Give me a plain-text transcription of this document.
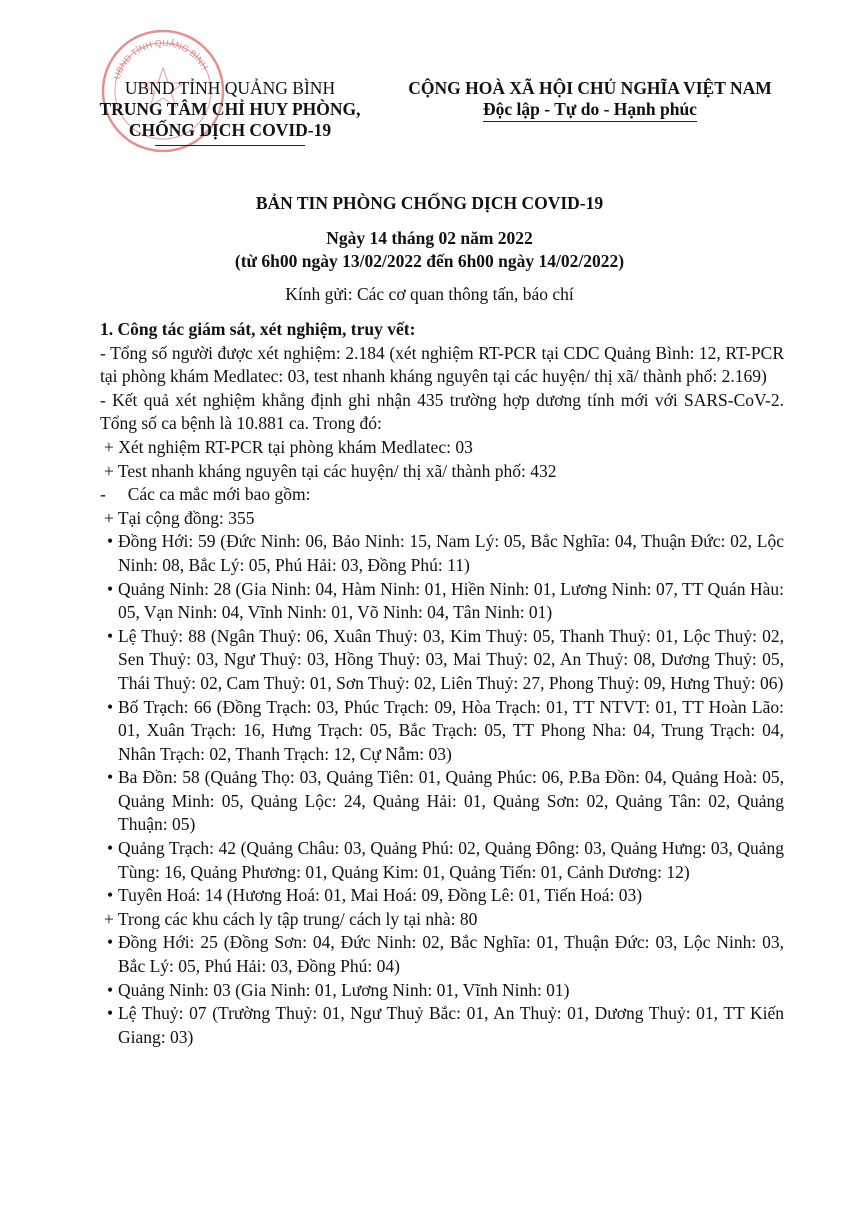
UBND TỈNH QUẢNG BÌNH
UBND TỈNH QUẢNG BÌNH
TRUNG TÂM CHỈ HUY PHÒNG,
CHỐNG DỊCH COVID-19
CỘNG HOÀ XÃ HỘI CHỦ NGHĨA VIỆT NAM
Độc lập - Tự do - Hạnh phúc
BẢN TIN PHÒNG CHỐNG DỊCH COVID-19
Ngày 14 tháng 02 năm 2022
(từ 6h00 ngày 13/02/2022 đến 6h00 ngày 14/02/2022)
Kính gửi: Các cơ quan thông tấn, báo chí
1. Công tác giám sát, xét nghiệm, truy vết:
- Tổng số người được xét nghiệm: 2.184 (xét nghiệm RT-PCR tại CDC Quảng Bình: 12, RT-PCR tại phòng khám Medlatec: 03, test nhanh kháng nguyên tại các huyện/ thị xã/ thành phố: 2.169)
- Kết quả xét nghiệm khẳng định ghi nhận 435 trường hợp dương tính mới với SARS-CoV-2. Tổng số ca bệnh là 10.881 ca. Trong đó:
+ Xét nghiệm RT-PCR tại phòng khám Medlatec: 03
+ Test nhanh kháng nguyên tại các huyện/ thị xã/ thành phố: 432
-     Các ca mắc mới bao gồm:
+ Tại cộng đồng: 355
• Đồng Hới: 59 (Đức Ninh: 06, Bảo Ninh: 15, Nam Lý: 05, Bắc Nghĩa: 04, Thuận Đức: 02, Lộc Ninh: 08, Bắc Lý: 05, Phú Hải: 03, Đồng Phú: 11)
• Quảng Ninh: 28 (Gia Ninh: 04, Hàm Ninh: 01, Hiền Ninh: 01, Lương Ninh: 07, TT Quán Hàu: 05, Vạn Ninh: 04, Vĩnh Ninh: 01, Võ Ninh: 04, Tân Ninh: 01)
• Lệ Thuỷ: 88 (Ngân Thuỷ: 06, Xuân Thuỷ: 03, Kim Thuỷ: 05, Thanh Thuỷ: 01, Lộc Thuỷ: 02, Sen Thuỷ: 03, Ngư Thuỷ: 03, Hồng Thuỷ: 03, Mai Thuỷ: 02, An Thuỷ: 08, Dương Thuỷ: 05, Thái Thuỷ: 02, Cam Thuỷ: 01, Sơn Thuỷ: 02, Liên Thuỷ: 27, Phong Thuỷ: 09, Hưng Thuỷ: 06)
• Bố Trạch: 66 (Đồng Trạch: 03, Phúc Trạch: 09, Hòa Trạch: 01, TT NTVT: 01, TT Hoàn Lão: 01, Xuân Trạch: 16, Hưng Trạch: 05, Bắc Trạch: 05, TT Phong Nha: 04, Trung Trạch: 04, Nhân Trạch: 02, Thanh Trạch: 12, Cự Nẫm: 03)
• Ba Đồn: 58 (Quảng Thọ: 03, Quảng Tiên: 01, Quảng Phúc: 06, P.Ba Đồn: 04, Quảng Hoà: 05, Quảng Minh: 05, Quảng Lộc: 24, Quảng Hải: 01, Quảng Sơn: 02, Quảng Tân: 02, Quảng Thuận: 05)
• Quảng Trạch: 42 (Quảng Châu: 03, Quảng Phú: 02, Quảng Đông: 03, Quảng Hưng: 03, Quảng Tùng: 16, Quảng Phương: 01, Quảng Kim: 01, Quảng Tiến: 01, Cảnh Dương: 12)
• Tuyên Hoá: 14 (Hương Hoá: 01, Mai Hoá: 09, Đồng Lê: 01, Tiến Hoá: 03)
+ Trong các khu cách ly tập trung/ cách ly tại nhà: 80
• Đồng Hới: 25 (Đồng Sơn: 04, Đức Ninh: 02, Bắc Nghĩa: 01, Thuận Đức: 03, Lộc Ninh: 03, Bắc Lý: 05, Phú Hải: 03, Đồng Phú: 04)
• Quảng Ninh: 03 (Gia Ninh: 01, Lương Ninh: 01, Vĩnh Ninh: 01)
• Lệ Thuỷ: 07 (Trường Thuỷ: 01, Ngư Thuỷ Bắc: 01, An Thuỷ: 01, Dương Thuỷ: 01, TT Kiến Giang: 03)
